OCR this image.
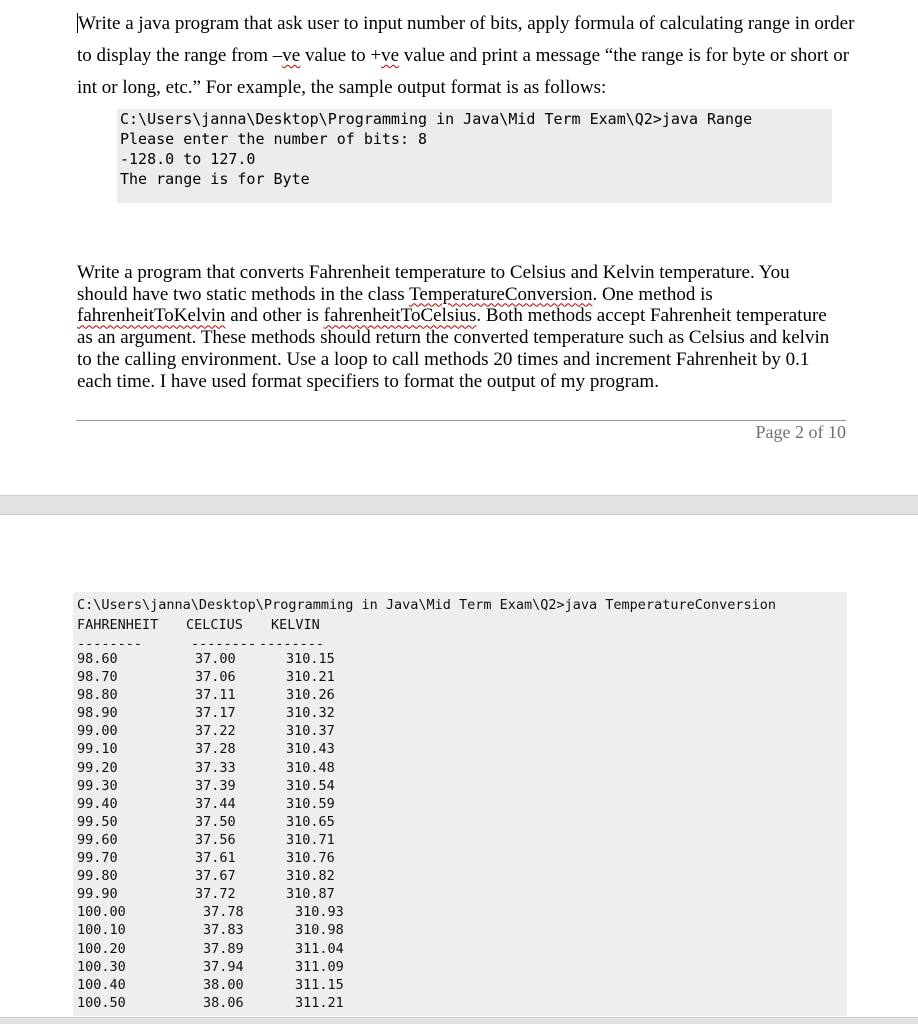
Write a java program that ask user to input number of bits, apply formula of calculating range in order to display the range from –ve value to +ve value and print a message “the range is for byte or short or int or long, etc.” For example, the sample output format is as follows:

C:\Users\janna\Desktop\Programming in Java\Mid Term Exam\Q2>java Range
Please enter the number of bits: 8
-128.0 to 127.0
The range is for Byte

Write a program that converts Fahrenheit temperature to Celsius and Kelvin temperature. You should have two static methods in the class TemperatureConversion. One method is fahrenheitToKelvin and other is fahrenheitToCelsius. Both methods accept Fahrenheit temperature as an argument. These methods should return the converted temperature such as Celsius and kelvin to the calling environment. Use a loop to call methods 20 times and increment Fahrenheit by 0.1 each time. I have used format specifiers to format the output of my program.

Page 2 of 10
C:\Users\janna\Desktop\Programming in Java\Mid Term Exam\Q2>java TemperatureConversion
FAHRENHEIT CELCIUS KELVIN
--------	-------- --------
98.60	37.00	310.15
98.70	37.06	310.21
98.80	37.11	310.26
98.90	37.17	310.32
99.00	37.22	310.37
99.10	37.28	310.43
99.20	37.33	310.48
99.30	37.39	310.54
99.40	37.44	310.59
99.50	37.50	310.65
99.60	37.56	310.71
99.70	37.61	310.76
99.80	37.67	310.82
99.90	37.72	310.87
100.00	37.78	310.93
100.10	37.83	310.98
100.20	37.89	311.04
100.30	37.94	311.09
100.40	38.00	311.15
100.50	38.06	311.21
